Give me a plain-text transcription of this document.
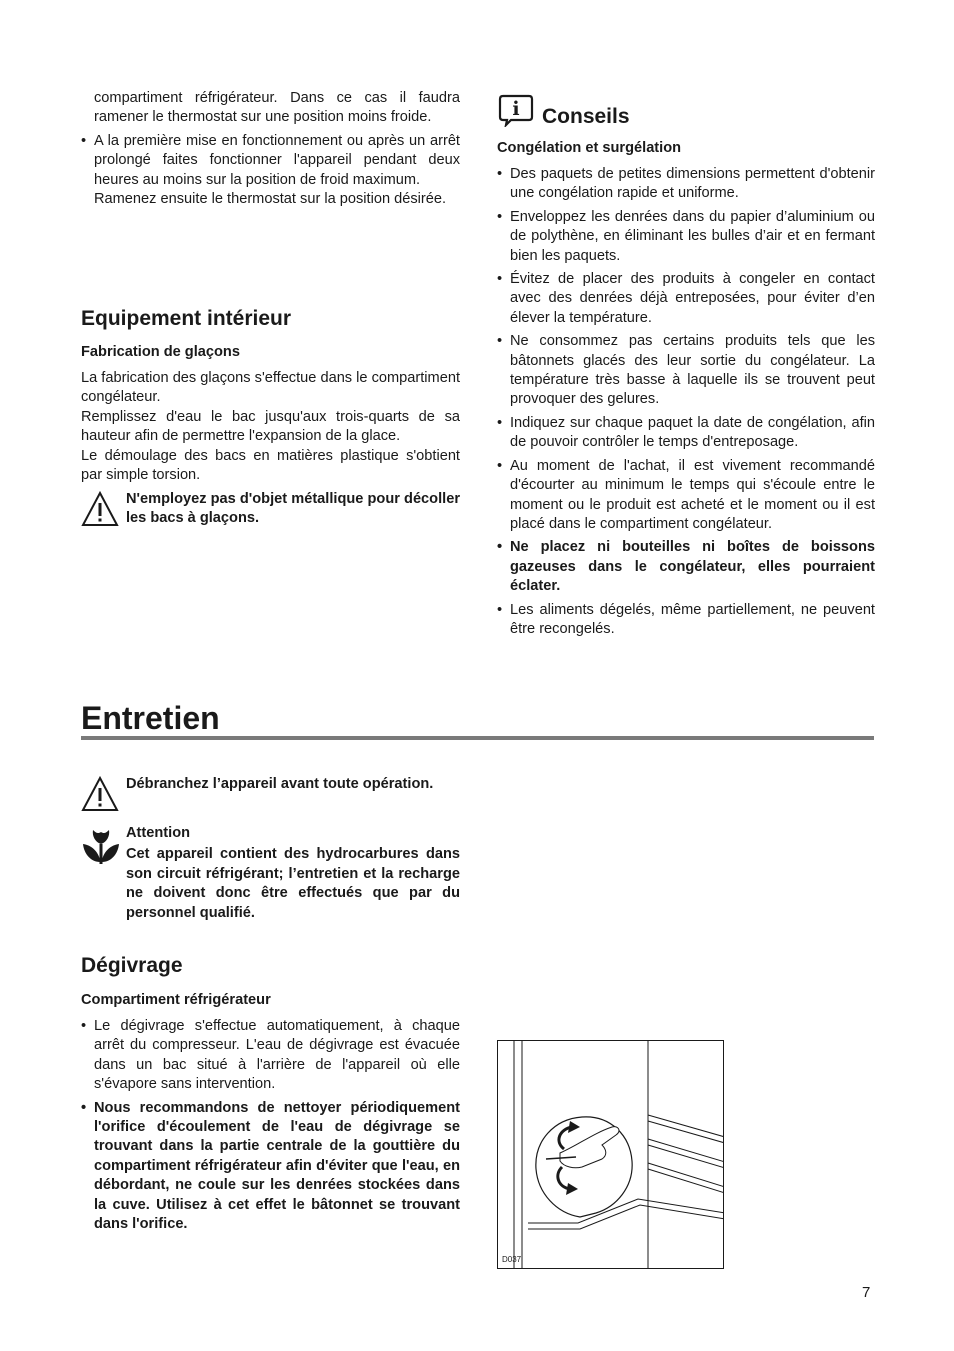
compartiment réfrigérateur. Dans ce cas il faudra ramener le thermostat sur une position moins froide.

• A la première mise en fonctionnement ou après un arrêt prolongé faites fonctionner l'appareil pendant deux heures au moins sur la position de froid maximum.

Ramenez ensuite le thermostat sur la position désirée.

Equipement intérieur
Fabrication de glaçons

La fabrication des glaçons s'effectue dans le compartiment congélateur.

Remplissez d'eau le bac jusqu'aux trois-quarts de sa hauteur afin de permettre l'expansion de la glace.

Le démoulage des bacs en matières plastique s'obtient par simple torsion.

N'employez pas d'objet métallique pour décoller les bacs à glaçons.
i Conseils
Congélation et surgélation
• Des paquets de petites dimensions permettent d'obtenir une congélation rapide et uniforme.
• Enveloppez les denrées dans du papier d’aluminium ou de polythène, en éliminant les bulles d’air et en fermant bien les paquets.
• Évitez de placer des produits à congeler en contact avec des denrées déjà entreposées, pour éviter d’en élever la température.
• Ne consommez pas certains produits tels que les bâtonnets glacés des leur sortie du congélateur. La température très basse à laquelle ils se trouvent peut provoquer des gelures.
• Indiquez sur chaque paquet la date de congélation, afin de pouvoir contrôler le temps d'entreposage.
• Au moment de l'achat, il est vivement recommandé d'écourter au minimum le temps qui s'écoule entre le moment ou le produit est acheté et le moment ou il est placé dans le compartiment congélateur.
• Ne placez ni bouteilles ni boîtes de boissons gazeuses dans le congélateur, elles pourraient éclater.
• Les aliments dégelés, même partiellement, ne peuvent être recongelés.
Entretien
Débranchez l’appareil avant toute opération.
Attention
Cet appareil contient des hydrocarbures dans son circuit réfrigérant; l’entretien et la recharge ne doivent donc être effectués que par du personnel qualifié.
Dégivrage
Compartiment réfrigérateur
• Le dégivrage s'effectue automatiquement, à chaque arrêt du compresseur. L'eau de dégivrage est évacuée dans un bac situé à l'arrière de l'appareil où elle s'évapore sans intervention.
• Nous recommandons de nettoyer périodiquement l'orifice d'écoulement de l'eau de dégivrage se trouvant dans la partie centrale de la gouttière du compartiment réfrigérateur afin d'éviter que l'eau, en débordant, ne coule sur les denrées stockées dans la cuve. Utilisez à cet effet le bâtonnet se trouvant dans l'orifice.
D037
7
